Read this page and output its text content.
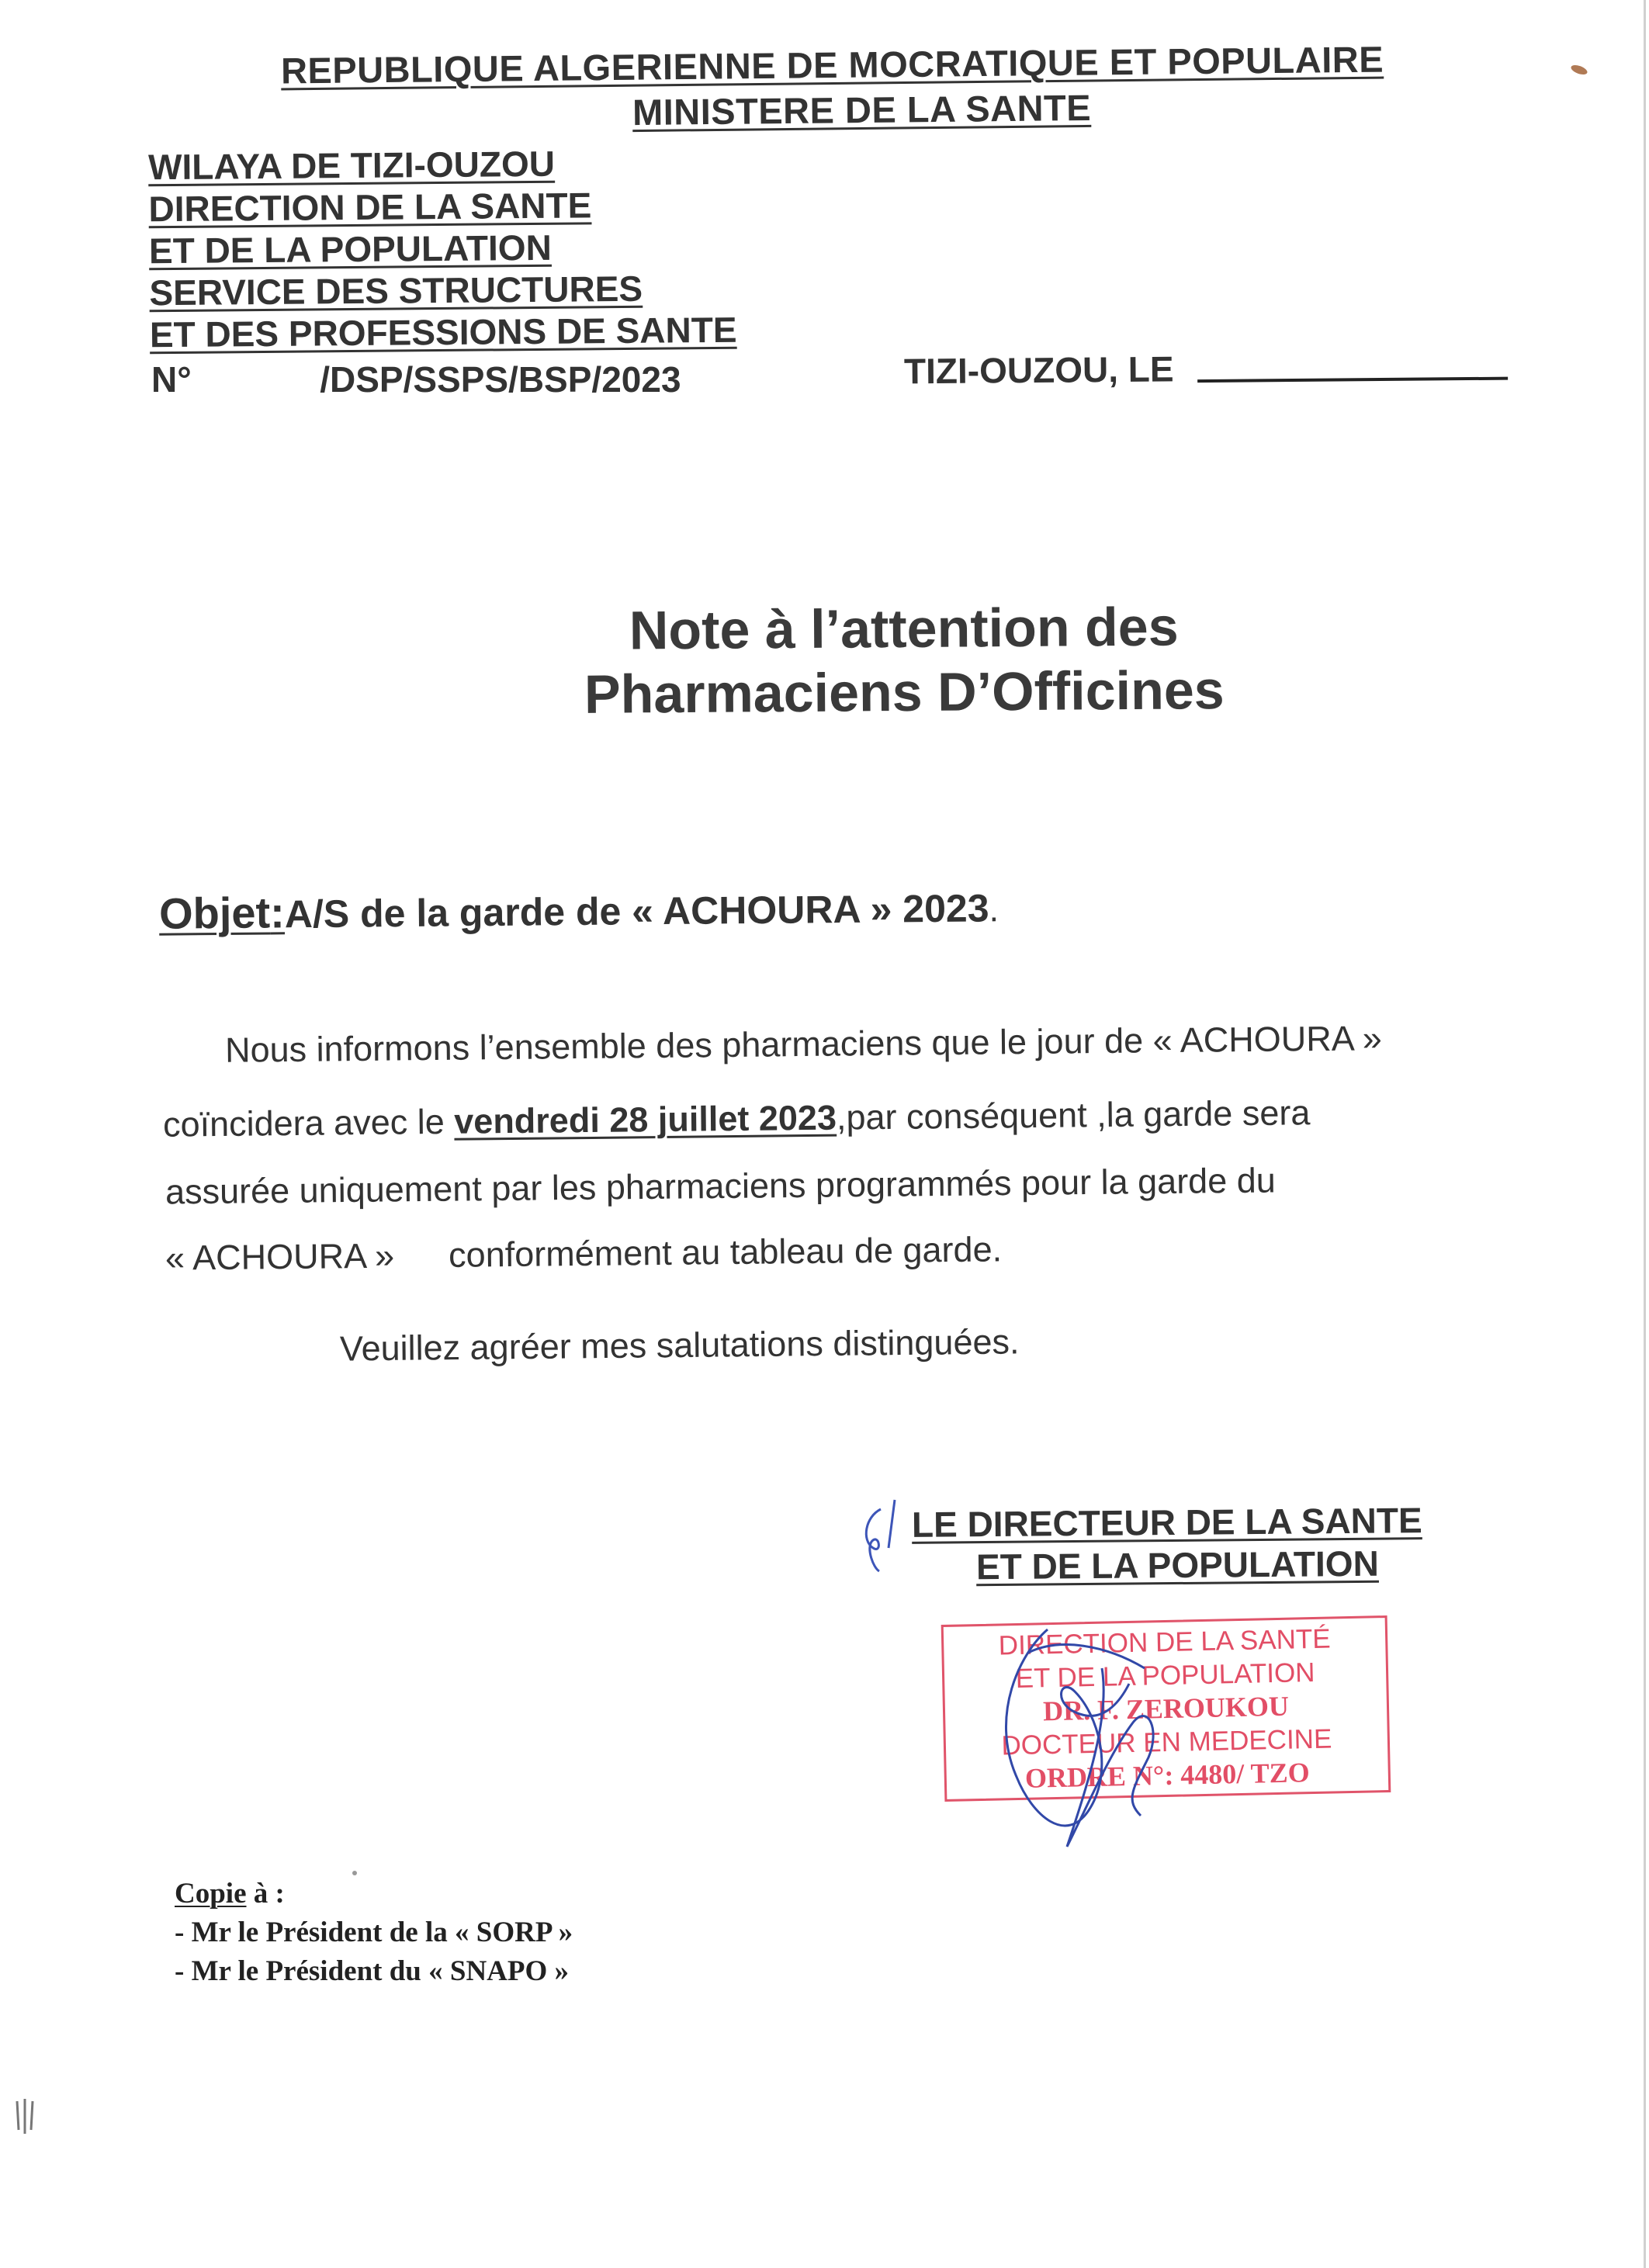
REPUBLIQUE ALGERIENNE DE MOCRATIQUE ET POPULAIRE
MINISTERE DE LA SANTE
WILAYA DE TIZI-OUZOU
DIRECTION DE LA SANTE
ET DE LA POPULATION
SERVICE DES STRUCTURES
ET DES PROFESSIONS DE SANTE
N°	/DSP/SSPS/BSP/2023	TIZI-OUZOU, LE
Note à l’attention des
Pharmaciens D’Officines
Objet:A/S de la garde de « ACHOURA » 2023.
Nous informons l’ensemble des pharmaciens que le jour de « ACHOURA »
coïncidera avec le vendredi 28 juillet 2023,par conséquent ,la garde sera
assurée uniquement par les pharmaciens programmés pour la garde du
« ACHOURA » conformément au tableau de garde.
Veuillez agréer mes salutations distinguées.
LE DIRECTEUR DE LA SANTE
ET DE LA POPULATION
DIRECTION DE LA SANTÉ
ET DE LA POPULATION
DR. F. ZEROUKOU
DOCTEUR EN MEDECINE
ORDRE N°: 4480/ TZO
Copie à :
- Mr le Président de la « SORP »
- Mr le Président du « SNAPO »
